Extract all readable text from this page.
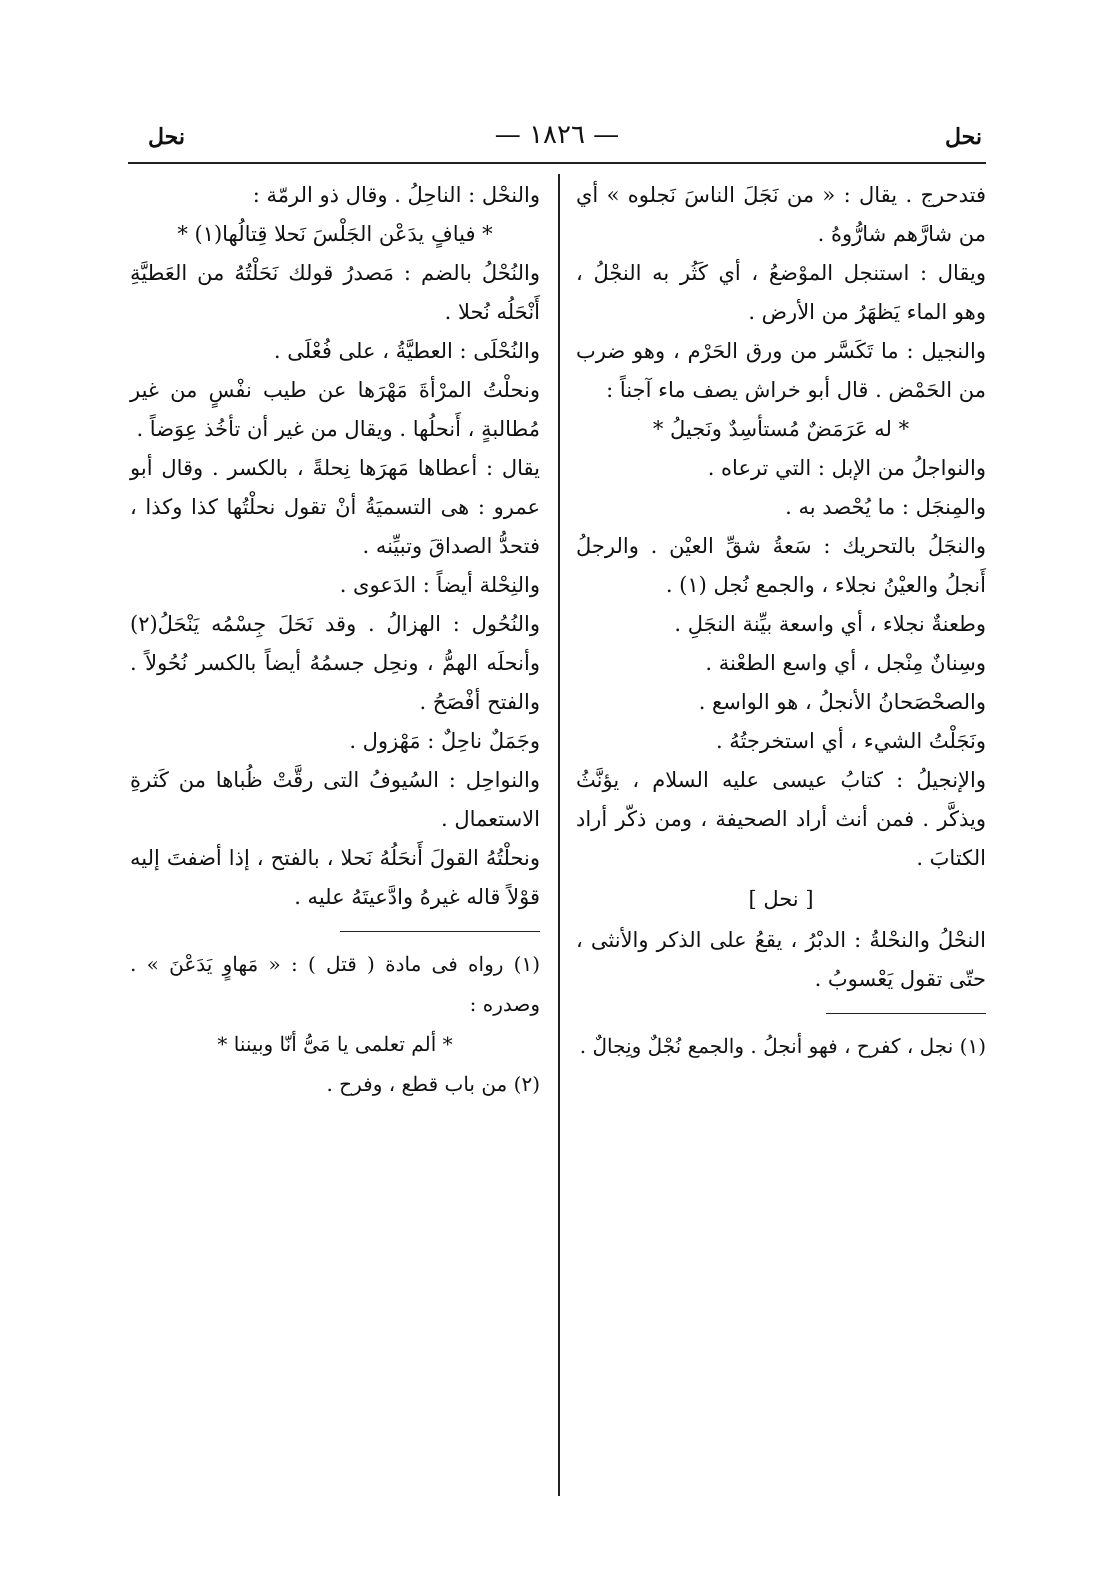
نحل
— ١٨٢٦ —
نحل

فتدحرج . يقال : « من نَجَلَ الناسَ نَجلوه » أي من شارَّهم شارُّوهُ .

ويقال : استنجل الموْضعُ ، أي كَثُر به النجْلُ ، وهو الماء يَظهَرُ من الأرض .

والنجيل : ما تَكَسَّر من ورق الحَرْم ، وهو ضرب من الحَمْض . قال أبو خراش يصف ماء آجناً :

* له عَرَمَضٌ مُستأسِدٌ ونَجيلُ *

والنواجلُ من الإبل : التي ترعاه .

والمِنجَل : ما يُحْصد به .

والنجَلُ بالتحريك : سَعةُ شقِّ العيْن . والرجلُ أَنجلُ والعيْنُ نجلاء ، والجمع نُجل (١) .

وطعنةٌ نجلاء ، أي واسعة بيِّنة النجَلِ .

وسِنانٌ مِنْجل ، أي واسع الطعْنة .

والصحْصَحانُ الأنجلُ ، هو الواسع .

ونَجَلْتُ الشيء ، أي استخرجتُهُ .

والإنجيلُ : كتابُ عيسى عليه السلام ، يؤنَّثُ ويذكَّر . فمن أنث أراد الصحيفة ، ومن ذكّر أراد الكتابَ .

[ نحل ]

النحْلُ والنحْلةُ : الدبْرُ ، يقعُ على الذكر والأنثى ، حتّى تقول يَعْسوبُ .

(١) نجل ، كفرح ، فهو أنجلُ . والجمع نُجْلٌ ونِجالٌ .

والنحْل : الناحِلُ . وقال ذو الرمّة :

* فيافٍ يدَعْن الجَلْسَ نَحلا قِتالُها(١) *

والنُحْلُ بالضم : مَصدرُ قولك نَحَلْتُهُ من العَطيَّةِ أَنْحَلُه نُحلا .

والنُحْلَى : العطيَّةُ ، على فُعْلَى .

ونحلْتُ المرْأةَ مَهْرَها عن طيب نفْسٍ من غير مُطالبةٍ ، أَنحلُها . ويقال من غير أن تأخُذ عِوَضاً .

يقال : أعطاها مَهرَها نِحلةً ، بالكسر . وقال أبو عمرو : هى التسميَةُ أنْ تقول نحلْتُها كذا وكذا ، فتحدُّ الصداقَ وتبيِّنه .

والنِحْلة أيضاً : الدَعوى .

والنُحُول : الهزالُ . وقد نَحَلَ جِسْمُه يَنْحَلُ(٢) وأنحلَه الهمُّ ، ونحِل جسمُهُ أيضاً بالكسر نُحُولاً . والفتح أفْصَحُ .

وجَمَلٌ ناحِلٌ : مَهْزول .

والنواحِل : السُيوفُ التى رقَّتْ ظُباها من كَثرةِ الاستعمال .

ونحلْتُهُ القولَ أَنحَلُهُ نَحلا ، بالفتح ، إذا أضفتَ إليه قوْلاً قاله غيرهُ وادَّعيتَهُ عليه .

(١) رواه فى مادة ( قتل ) : « مَهاوٍ يَدَعْنَ » . وصدره :

* ألم تعلمى يا مَىُّ أنّا وبيننا *

(٢) من باب قطع ، وفرح .
